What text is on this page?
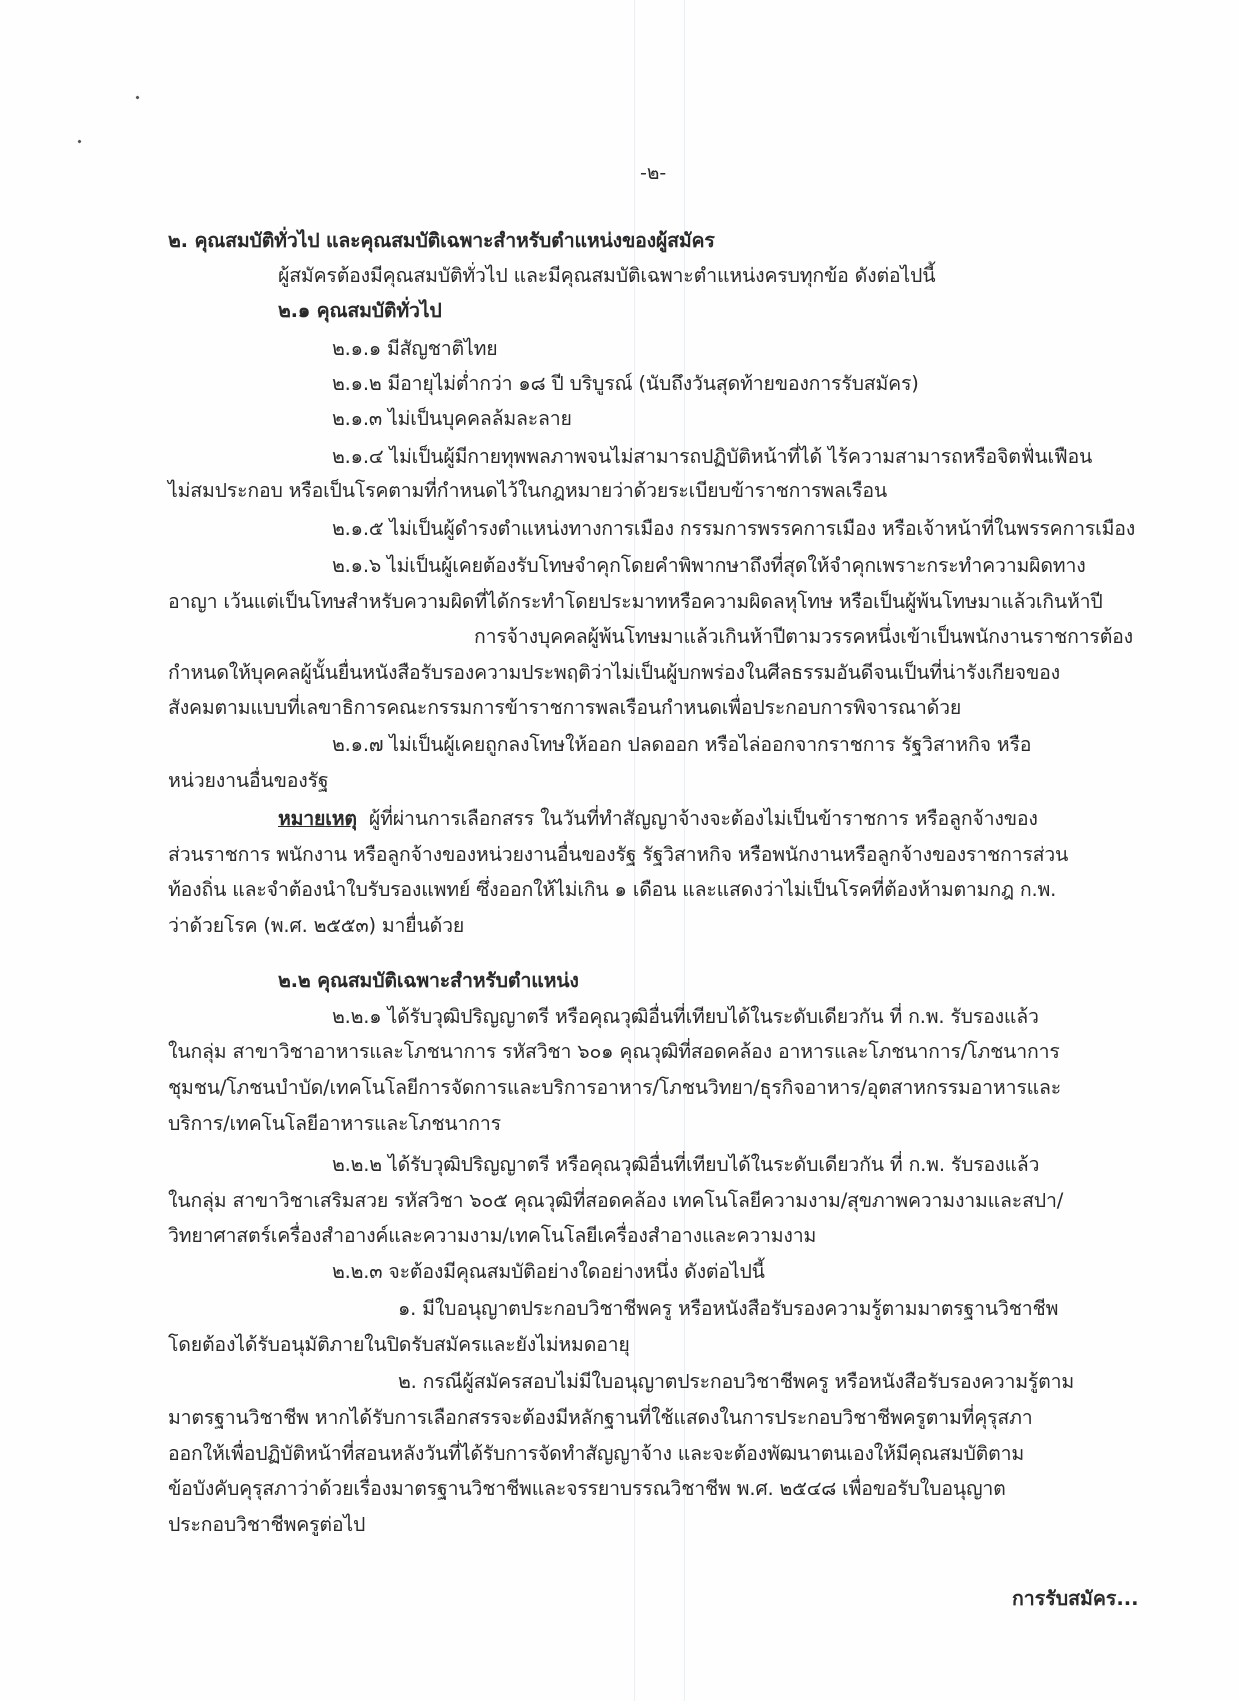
-๒-
๒. คุณสมบัติทั่วไป และคุณสมบัติเฉพาะสำหรับตำแหน่งของผู้สมัคร
ผู้สมัครต้องมีคุณสมบัติทั่วไป และมีคุณสมบัติเฉพาะตำแหน่งครบทุกข้อ ดังต่อไปนี้
๒.๑ คุณสมบัติทั่วไป
๒.๑.๑ มีสัญชาติไทย
๒.๑.๒ มีอายุไม่ต่ำกว่า ๑๘ ปี บริบูรณ์ (นับถึงวันสุดท้ายของการรับสมัคร)
๒.๑.๓ ไม่เป็นบุคคลล้มละลาย
๒.๑.๔ ไม่เป็นผู้มีกายทุพพลภาพจนไม่สามารถปฏิบัติหน้าที่ได้ ไร้ความสามารถหรือจิตฟั่นเฟือน
ไม่สมประกอบ หรือเป็นโรคตามที่กำหนดไว้ในกฎหมายว่าด้วยระเบียบข้าราชการพลเรือน
๒.๑.๕ ไม่เป็นผู้ดำรงตำแหน่งทางการเมือง กรรมการพรรคการเมือง หรือเจ้าหน้าที่ในพรรคการเมือง
๒.๑.๖ ไม่เป็นผู้เคยต้องรับโทษจำคุกโดยคำพิพากษาถึงที่สุดให้จำคุกเพราะกระทำความผิดทาง
อาญา เว้นแต่เป็นโทษสำหรับความผิดที่ได้กระทำโดยประมาทหรือความผิดลหุโทษ หรือเป็นผู้พ้นโทษมาแล้วเกินห้าปี
การจ้างบุคคลผู้พ้นโทษมาแล้วเกินห้าปีตามวรรคหนึ่งเข้าเป็นพนักงานราชการต้อง
กำหนดให้บุคคลผู้นั้นยื่นหนังสือรับรองความประพฤติว่าไม่เป็นผู้บกพร่องในศีลธรรมอันดีจนเป็นที่น่ารังเกียจของ
สังคมตามแบบที่เลขาธิการคณะกรรมการข้าราชการพลเรือนกำหนดเพื่อประกอบการพิจารณาด้วย
๒.๑.๗ ไม่เป็นผู้เคยถูกลงโทษให้ออก ปลดออก หรือไล่ออกจากราชการ รัฐวิสาหกิจ หรือ
หน่วยงานอื่นของรัฐ
หมายเหตุ ผู้ที่ผ่านการเลือกสรร ในวันที่ทำสัญญาจ้างจะต้องไม่เป็นข้าราชการ หรือลูกจ้างของ
ส่วนราชการ พนักงาน หรือลูกจ้างของหน่วยงานอื่นของรัฐ รัฐวิสาหกิจ หรือพนักงานหรือลูกจ้างของราชการส่วน
ท้องถิ่น และจำต้องนำใบรับรองแพทย์ ซึ่งออกให้ไม่เกิน ๑ เดือน และแสดงว่าไม่เป็นโรคที่ต้องห้ามตามกฎ ก.พ.
ว่าด้วยโรค (พ.ศ. ๒๕๕๓) มายื่นด้วย
๒.๒ คุณสมบัติเฉพาะสำหรับตำแหน่ง
๒.๒.๑ ได้รับวุฒิปริญญาตรี หรือคุณวุฒิอื่นที่เทียบได้ในระดับเดียวกัน ที่ ก.พ. รับรองแล้ว
ในกลุ่ม สาขาวิชาอาหารและโภชนาการ รหัสวิชา ๖๐๑ คุณวุฒิที่สอดคล้อง อาหารและโภชนาการ/โภชนาการ
ชุมชน/โภชนบำบัด/เทคโนโลยีการจัดการและบริการอาหาร/โภชนวิทยา/ธุรกิจอาหาร/อุตสาหกรรมอาหารและ
บริการ/เทคโนโลยีอาหารและโภชนาการ
๒.๒.๒ ได้รับวุฒิปริญญาตรี หรือคุณวุฒิอื่นที่เทียบได้ในระดับเดียวกัน ที่ ก.พ. รับรองแล้ว
ในกลุ่ม สาขาวิชาเสริมสวย รหัสวิชา ๖๐๕ คุณวุฒิที่สอดคล้อง เทคโนโลยีความงาม/สุขภาพความงามและสปา/
วิทยาศาสตร์เครื่องสำอางค์และความงาม/เทคโนโลยีเครื่องสำอางและความงาม
๒.๒.๓ จะต้องมีคุณสมบัติอย่างใดอย่างหนึ่ง ดังต่อไปนี้
๑. มีใบอนุญาตประกอบวิชาชีพครู หรือหนังสือรับรองความรู้ตามมาตรฐานวิชาชีพ
โดยต้องได้รับอนุมัติภายในปิดรับสมัครและยังไม่หมดอายุ
๒. กรณีผู้สมัครสอบไม่มีใบอนุญาตประกอบวิชาชีพครู หรือหนังสือรับรองความรู้ตาม
มาตรฐานวิชาชีพ หากได้รับการเลือกสรรจะต้องมีหลักฐานที่ใช้แสดงในการประกอบวิชาชีพครูตามที่คุรุสภา
ออกให้เพื่อปฏิบัติหน้าที่สอนหลังวันที่ได้รับการจัดทำสัญญาจ้าง และจะต้องพัฒนาตนเองให้มีคุณสมบัติตาม
ข้อบังคับคุรุสภาว่าด้วยเรื่องมาตรฐานวิชาชีพและจรรยาบรรณวิชาชีพ พ.ศ. ๒๕๔๘ เพื่อขอรับใบอนุญาต
ประกอบวิชาชีพครูต่อไป
การรับสมัคร...
